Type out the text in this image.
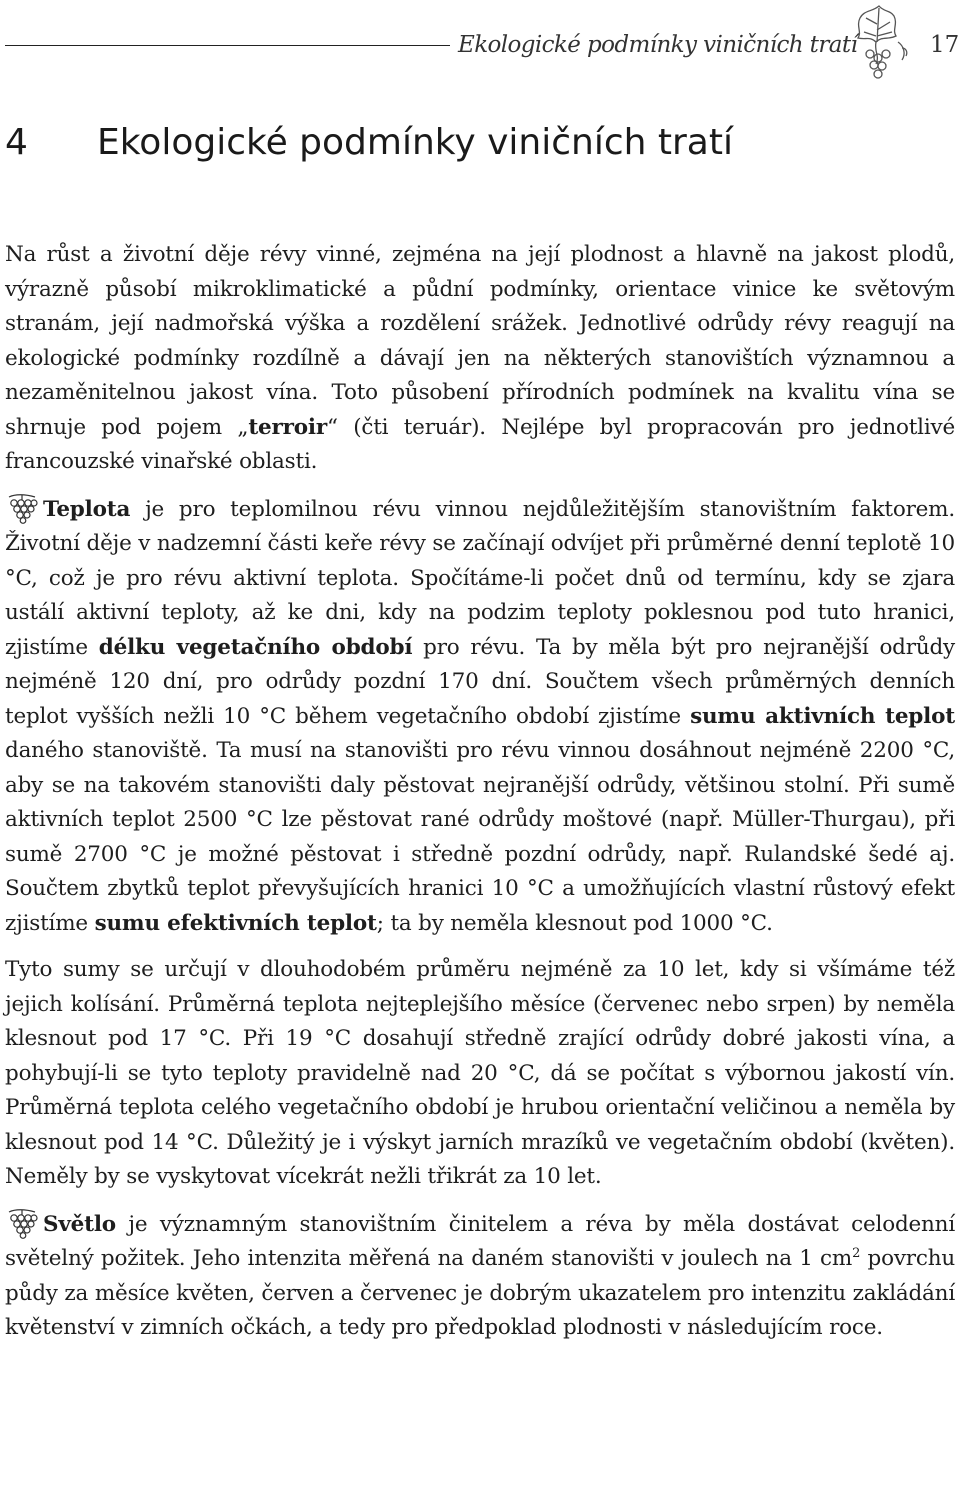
Ekologické podmínky viničních tratí	17
4 Ekologické podmínky viničních tratí

Na růst a životní děje révy vinné, zejména na její plodnost a hlavně na jakost plodů, výrazně působí mikroklimatické a půdní podmínky, orientace vinice ke světovým stranám, její nadmořská výška a rozdělení srážek. Jednotlivé odrůdy révy reagují na ekologické podmínky rozdílně a dávají jen na některých stanovištích významnou a nezaměnitelnou jakost vína. Toto působení přírodních podmínek na kvalitu vína se shrnuje pod pojem „terroir“ (čti teruár). Nejlépe byl propracován pro jednotlivé francouzské vinařské oblasti.

Teplota je pro teplomilnou révu vinnou nejdůležitějším stanovištním faktorem. Životní děje v nadzemní části keře révy se začínají odvíjet při průměrné denní teplotě 10 °C, což je pro révu aktivní teplota. Spočítáme-li počet dnů od termínu, kdy se zjara ustálí aktivní teploty, až ke dni, kdy na podzim teploty poklesnou pod tuto hranici, zjistíme délku vegetačního období pro révu. Ta by měla být pro nejranější odrůdy nejméně 120 dní, pro odrůdy pozdní 170 dní. Součtem všech průměrných denních teplot vyšších nežli 10 °C během vegetačního období zjistíme sumu aktivních teplot daného stanoviště. Ta musí na stanovišti pro révu vinnou dosáhnout nejméně 2200 °C, aby se na takovém stanovišti daly pěstovat nejranější odrůdy, většinou stolní. Při sumě aktivních teplot 2500 °C lze pěstovat rané odrůdy moštové (např. Müller-Thurgau), při sumě 2700 °C je možné pěstovat i středně pozdní odrůdy, např. Rulandské šedé aj. Součtem zbytků teplot převyšujících hranici 10 °C a umožňujících vlastní růstový efekt zjistíme sumu efektivních teplot; ta by neměla klesnout pod 1000 °C.

Tyto sumy se určují v dlouhodobém průměru nejméně za 10 let, kdy si všímáme též jejich kolísání. Průměrná teplota nejteplejšího měsíce (červenec nebo srpen) by neměla klesnout pod 17 °C. Při 19 °C dosahují středně zrající odrůdy dobré jakosti vína, a pohybují-li se tyto teploty pravidelně nad 20 °C, dá se počítat s výbornou jakostí vín. Průměrná teplota celého vegetačního období je hrubou orientační veličinou a neměla by klesnout pod 14 °C. Důležitý je i výskyt jarních mrazíků ve vegetačním období (květen). Neměly by se vyskytovat vícekrát nežli třikrát za 10 let.

Světlo je významným stanovištním činitelem a réva by měla dostávat celodenní světelný požitek. Jeho intenzita měřená na daném stanovišti v joulech na 1 $cm^2$ povrchu půdy za měsíce květen, červen a červenec je dobrým ukazatelem pro intenzitu zakládání květenství v zimních očkách, a tedy pro předpoklad plodnosti v následujícím roce.
